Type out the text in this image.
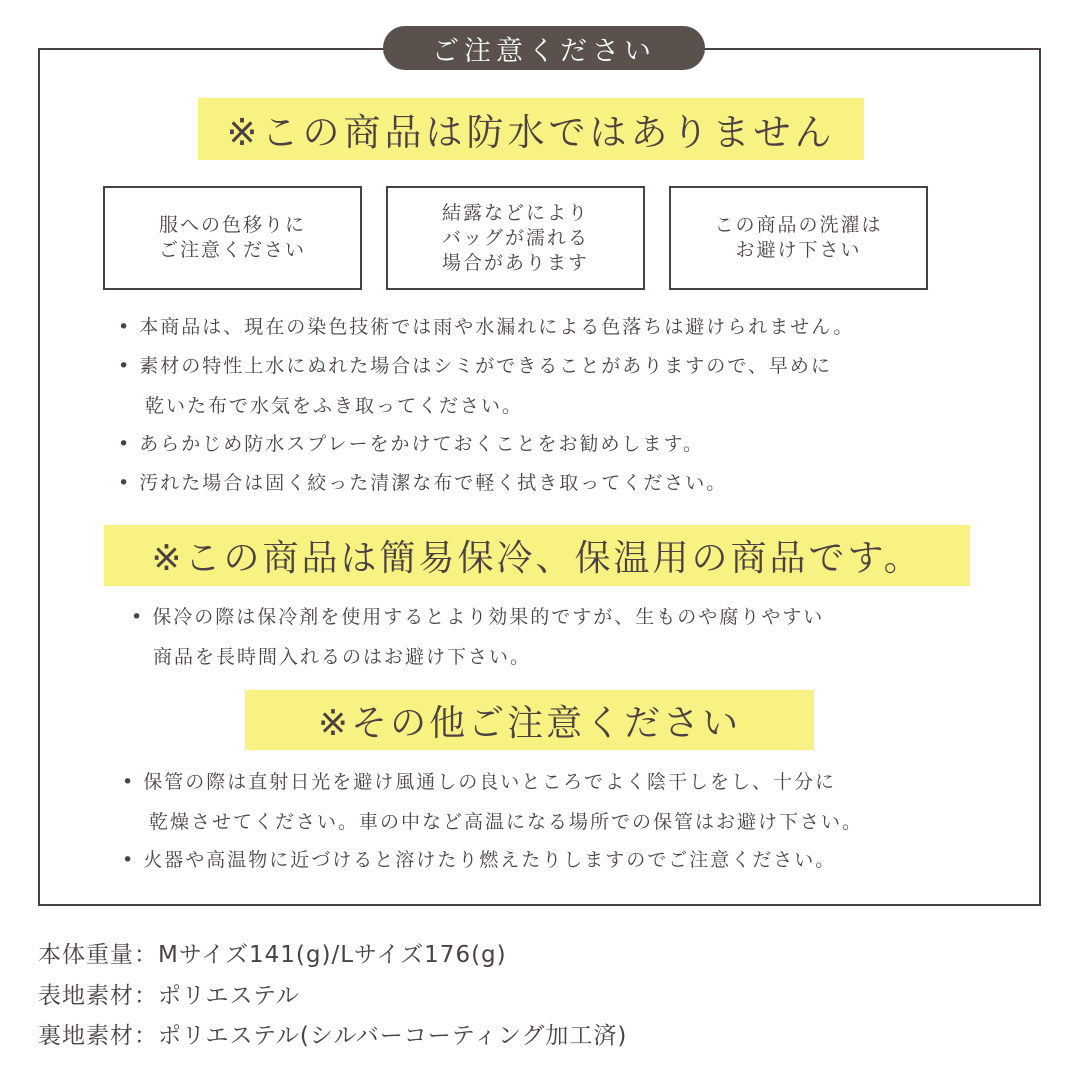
ご注意ください
※この商品は防水ではありません
服への色移りに
ご注意ください
結露などにより
バッグが濡れる
場合があります
この商品の洗濯は
お避け下さい
• 本商品は、現在の染色技術では雨や水漏れによる色落ちは避けられません。
• 素材の特性上水にぬれた場合はシミができることがありますので、早めに
乾いた布で水気をふき取ってください。
• あらかじめ防水スプレーをかけておくことをお勧めします。
• 汚れた場合は固く絞った清潔な布で軽く拭き取ってください。
※この商品は簡易保冷、保温用の商品です。
• 保冷の際は保冷剤を使用するとより効果的ですが、生ものや腐りやすい
商品を長時間入れるのはお避け下さい。
※その他ご注意ください
• 保管の際は直射日光を避け風通しの良いところでよく陰干しをし、十分に
乾燥させてください。車の中など高温になる場所での保管はお避け下さい。
• 火器や高温物に近づけると溶けたり燃えたりしますのでご注意ください。
本体重量：Mサイズ141(g)/Lサイズ176(g)
表地素材：ポリエステル
裏地素材：ポリエステル(シルバーコーティング加工済)
